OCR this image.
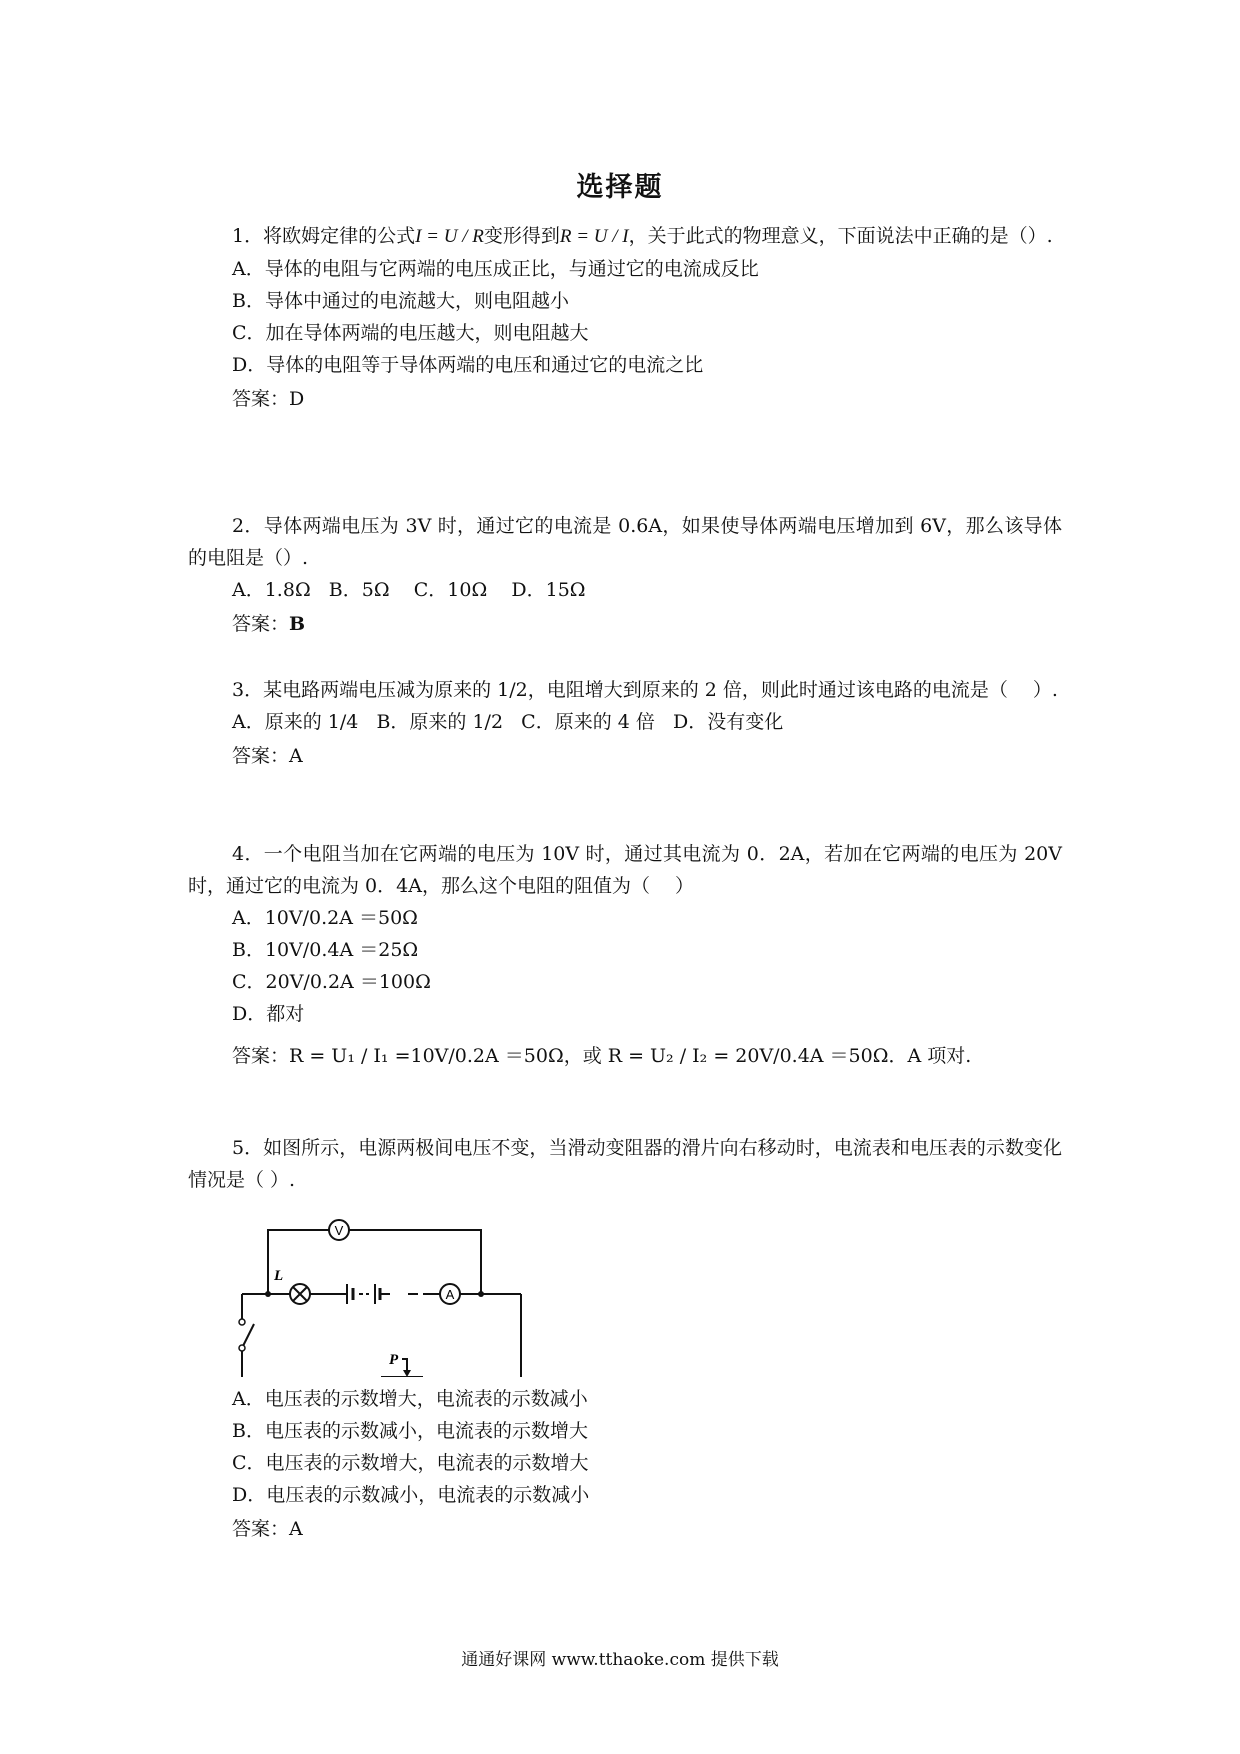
选择题
1．将欧姆定律的公式I = U / R变形得到R = U / I，关于此式的物理意义，下面说法中正确的是（）.
A．导体的电阻与它两端的电压成正比，与通过它的电流成反比
B．导体中通过的电流越大，则电阻越小
C．加在导体两端的电压越大，则电阻越大
D．导体的电阻等于导体两端的电压和通过它的电流之比
答案：D
2．导体两端电压为 3V 时，通过它的电流是 0.6A，如果使导体两端电压增加到 6V，那么该导体的电阻是（）.
A．1.8Ω   B．5Ω    C．10Ω    D．15Ω
答案：B
3．某电路两端电压减为原来的 1/2，电阻增大到原来的 2 倍，则此时通过该电路的电流是（　 ）.
A．原来的 1/4   B．原来的 1/2   C．原来的 4 倍   D．没有变化
答案：A
4．一个电阻当加在它两端的电压为 10V 时，通过其电流为 0．2A，若加在它两端的电压为 20V 时，通过它的电流为 0．4A，那么这个电阻的阻值为（　 ）
A．10V/0.2A ＝50Ω
B．10V/0.4A ＝25Ω
C．20V/0.2A ＝100Ω
D．都对
答案：R = U₁ / I₁ =10V/0.2A ＝50Ω，或 R = U₂ / I₂ = 20V/0.4A ＝50Ω．A 项对.
5．如图所示，电源两极间电压不变，当滑动变阻器的滑片向右移动时，电流表和电压表的示数变化情况是（ ）.
V
A
L
P
A．电压表的示数增大，电流表的示数减小
B．电压表的示数减小，电流表的示数增大
C．电压表的示数增大，电流表的示数增大
D．电压表的示数减小，电流表的示数减小
答案：A
通通好课网 www.tthaoke.com 提供下载
